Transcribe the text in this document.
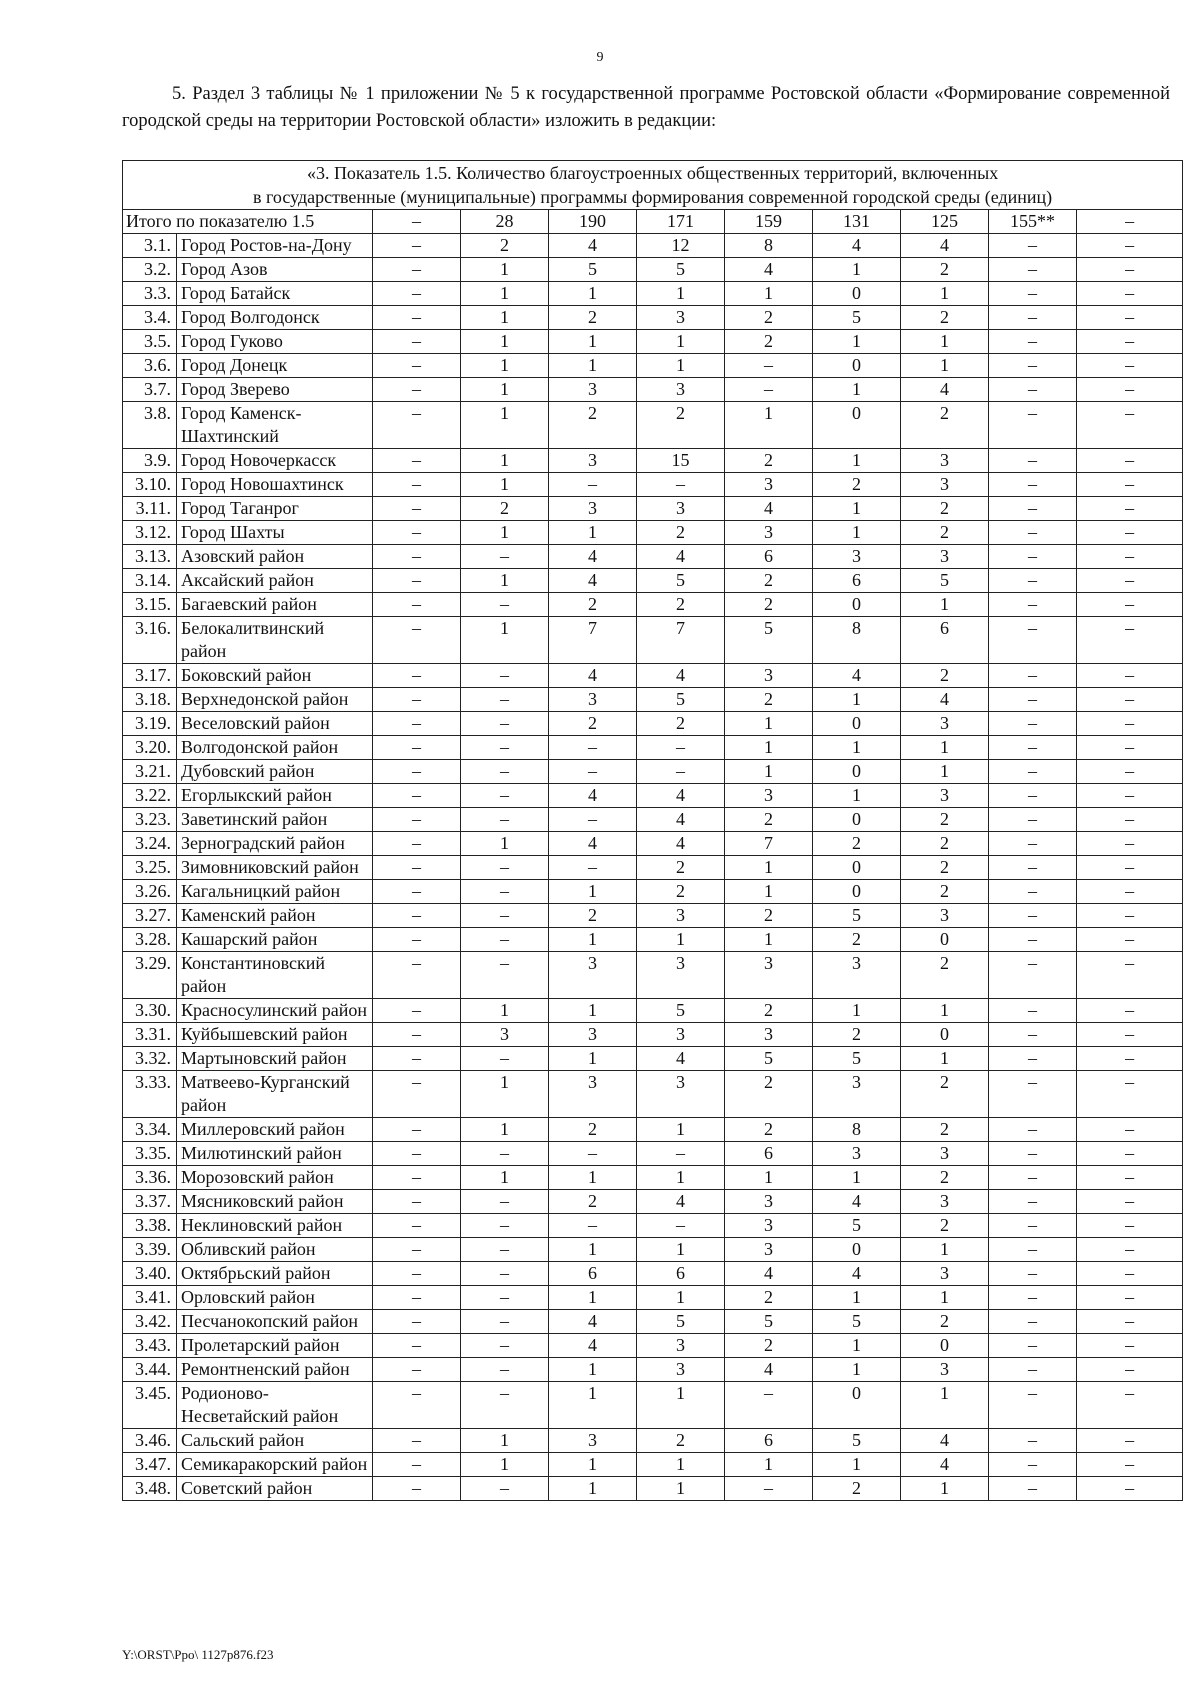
9
5. Раздел 3 таблицы № 1 приложении № 5 к государственной программе Ростовской области «Формирование современной городской среды на территории Ростовской области» изложить в редакции:
«3. Показатель 1.5. Количество благоустроенных общественных территорий, включенных
в государственные (муниципальные) программы формирования современной городской среды (единиц)										

Итого по показателю 1.5		–	28	190	171	159	131	125	155**	–
3.1.	Город Ростов-на-Дону	–	2	4	12	8	4	4	–	–
3.2.	Город Азов	–	1	5	5	4	1	2	–	–
3.3.	Город Батайск	–	1	1	1	1	0	1	–	–
3.4.	Город Волгодонск	–	1	2	3	2	5	2	–	–
3.5.	Город Гуково	–	1	1	1	2	1	1	–	–
3.6.	Город Донецк	–	1	1	1	–	0	1	–	–
3.7.	Город Зверево	–	1	3	3	–	1	4	–	–
3.8.	Город Каменск-Шахтинский	–	1	2	2	1	0	2	–	–
3.9.	Город Новочеркасск	–	1	3	15	2	1	3	–	–
3.10.	Город Новошахтинск	–	1	–	–	3	2	3	–	–
3.11.	Город Таганрог	–	2	3	3	4	1	2	–	–
3.12.	Город Шахты	–	1	1	2	3	1	2	–	–
3.13.	Азовский район	–	–	4	4	6	3	3	–	–
3.14.	Аксайский район	–	1	4	5	2	6	5	–	–
3.15.	Багаевский район	–	–	2	2	2	0	1	–	–
3.16.	Белокалитвинский район	–	1	7	7	5	8	6	–	–
3.17.	Боковский район	–	–	4	4	3	4	2	–	–
3.18.	Верхнедонской район	–	–	3	5	2	1	4	–	–
3.19.	Веселовский район	–	–	2	2	1	0	3	–	–
3.20.	Волгодонской район	–	–	–	–	1	1	1	–	–
3.21.	Дубовский район	–	–	–	–	1	0	1	–	–
3.22.	Егорлыкский район	–	–	4	4	3	1	3	–	–
3.23.	Заветинский район	–	–	–	4	2	0	2	–	–
3.24.	Зерноградский район	–	1	4	4	7	2	2	–	–
3.25.	Зимовниковский район	–	–	–	2	1	0	2	–	–
3.26.	Кагальницкий район	–	–	1	2	1	0	2	–	–
3.27.	Каменский район	–	–	2	3	2	5	3	–	–
3.28.	Кашарский район	–	–	1	1	1	2	0	–	–
3.29.	Константиновский район	–	–	3	3	3	3	2	–	–
3.30.	Красносулинский район	–	1	1	5	2	1	1	–	–
3.31.	Куйбышевский район	–	3	3	3	3	2	0	–	–
3.32.	Мартыновский район	–	–	1	4	5	5	1	–	–
3.33.	Матвеево-Курганский район	–	1	3	3	2	3	2	–	–
3.34.	Миллеровский район	–	1	2	1	2	8	2	–	–
3.35.	Милютинский район	–	–	–	–	6	3	3	–	–
3.36.	Морозовский район	–	1	1	1	1	1	2	–	–
3.37.	Мясниковский район	–	–	2	4	3	4	3	–	–
3.38.	Неклиновский район	–	–	–	–	3	5	2	–	–
3.39.	Обливский район	–	–	1	1	3	0	1	–	–
3.40.	Октябрьский район	–	–	6	6	4	4	3	–	–
3.41.	Орловский район	–	–	1	1	2	1	1	–	–
3.42.	Песчанокопский район	–	–	4	5	5	5	2	–	–
3.43.	Пролетарский район	–	–	4	3	2	1	0	–	–
3.44.	Ремонтненский район	–	–	1	3	4	1	3	–	–
3.45.	Родионово-Несветайский район	–	–	1	1	–	0	1	–	–
3.46.	Сальский район	–	1	3	2	6	5	4	–	–
3.47.	Семикаракорский район	–	1	1	1	1	1	4	–	–
3.48.	Советский район	–	–	1	1	–	2	1	–	–
Y:\ORST\Ppo\ 1127p876.f23
